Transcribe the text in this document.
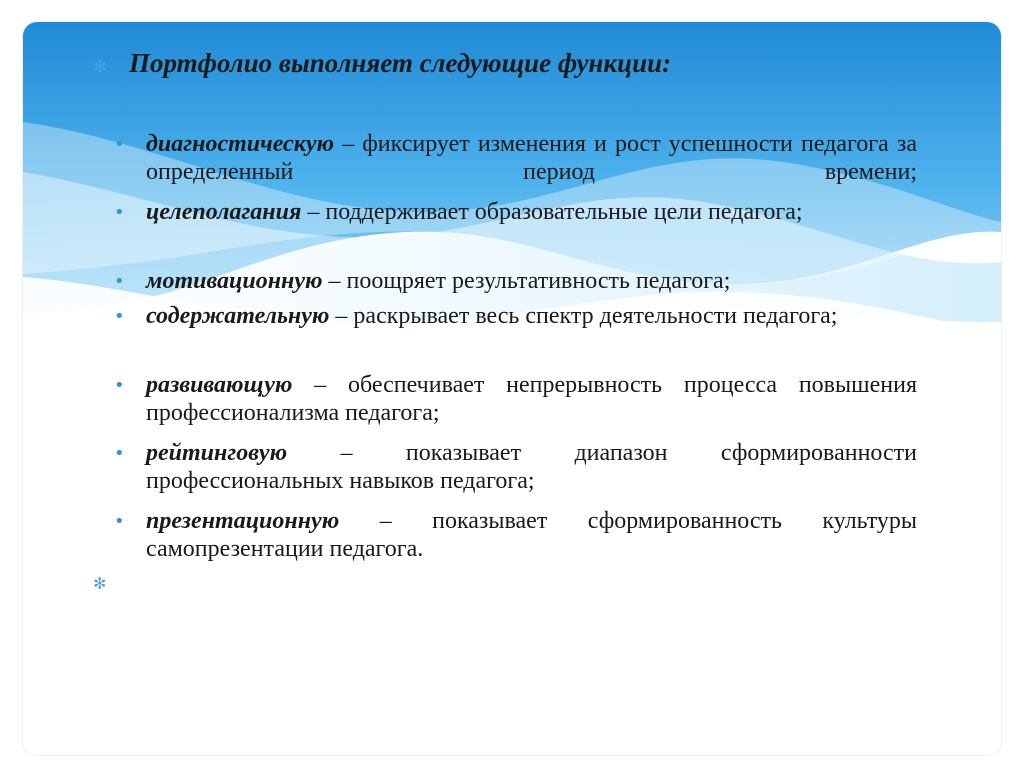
✻ Портфолио выполняет следующие функции:
• диагностическую – фиксирует изменения и рост успешности педагога за определенный период времени;
• целеполагания – поддерживает образовательные цели педагога;
• мотивационную – поощряет результативность педагога;
• содержательную – раскрывает весь спектр деятельности педагога;
• развивающую – обеспечивает непрерывность процесса повышения профессионализма педагога;
• рейтинговую – показывает диапазон сформированности профессиональных навыков педагога;
• презентационную – показывает сформированность культуры самопрезентации педагога.
✻
